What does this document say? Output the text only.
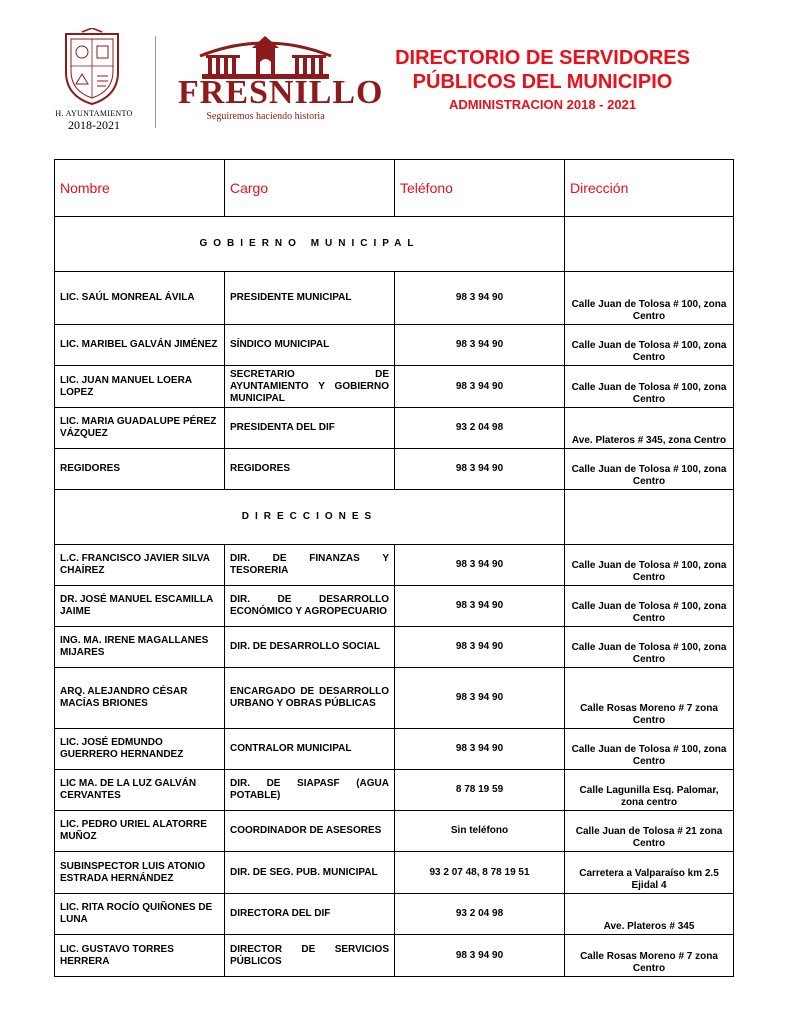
H. AYUNTAMIENTO
2018-2021
FRESNILLO
Seguiremos haciendo historia
DIRECTORIO DE SERVIDORES
PÚBLICOS DEL MUNICIPIO
ADMINISTRACION 2018 - 2021
Nombre	Cargo	Teléfono	Dirección
GOBIERNO MUNICIPAL			
LIC. SAÚL MONREAL ÁVILA	PRESIDENTE MUNICIPAL	98 3 94 90	Calle Juan de Tolosa # 100, zona Centro
LIC. MARIBEL GALVÁN JIMÉNEZ	SÍNDICO MUNICIPAL	98 3 94 90	Calle Juan de Tolosa # 100, zona Centro
LIC. JUAN MANUEL LOERA LOPEZ	SECRETARIO DE AYUNTAMIENTO Y GOBIERNO MUNICIPAL	98 3 94 90	Calle Juan de Tolosa # 100, zona Centro
LIC. MARIA GUADALUPE PÉREZ VÁZQUEZ	PRESIDENTA DEL DIF	93 2 04 98	Ave. Plateros # 345, zona Centro
REGIDORES	REGIDORES	98 3 94 90	Calle Juan de Tolosa # 100, zona Centro
DIRECCIONES			
L.C. FRANCISCO JAVIER SILVA CHAÍREZ	DIR. DE FINANZAS Y TESORERIA	98 3 94 90	Calle Juan de Tolosa # 100, zona Centro
DR. JOSÉ MANUEL ESCAMILLA JAIME	DIR. DE DESARROLLO ECONÓMICO Y AGROPECUARIO	98 3 94 90	Calle Juan de Tolosa # 100, zona Centro
ING. MA. IRENE MAGALLANES MIJARES	DIR. DE DESARROLLO SOCIAL	98 3 94 90	Calle Juan de Tolosa # 100, zona Centro
ARQ. ALEJANDRO CÉSAR MACÍAS BRIONES	ENCARGADO DE DESARROLLO URBANO Y OBRAS PÚBLICAS	98 3 94 90	Calle Rosas Moreno # 7 zona Centro
LIC. JOSÉ EDMUNDO GUERRERO HERNANDEZ	CONTRALOR MUNICIPAL	98 3 94 90	Calle Juan de Tolosa # 100, zona Centro
LIC MA. DE LA LUZ GALVÁN CERVANTES	DIR. DE SIAPASF (AGUA POTABLE)	8 78 19 59	Calle Lagunilla Esq. Palomar, zona centro
LIC. PEDRO URIEL ALATORRE MUÑOZ	COORDINADOR DE ASESORES	Sin teléfono	Calle Juan de Tolosa # 21 zona Centro
SUBINSPECTOR LUIS ATONIO ESTRADA HERNÁNDEZ	DIR. DE SEG. PUB. MUNICIPAL	93 2 07 48, 8 78 19 51	Carretera a Valparaíso km 2.5 Ejidal 4
LIC. RITA ROCÍO QUIÑONES DE LUNA	DIRECTORA DEL DIF	93 2 04 98	Ave. Plateros # 345
LIC. GUSTAVO TORRES HERRERA	DIRECTOR DE SERVICIOS PÚBLICOS	98 3 94 90	Calle Rosas Moreno # 7 zona Centro
